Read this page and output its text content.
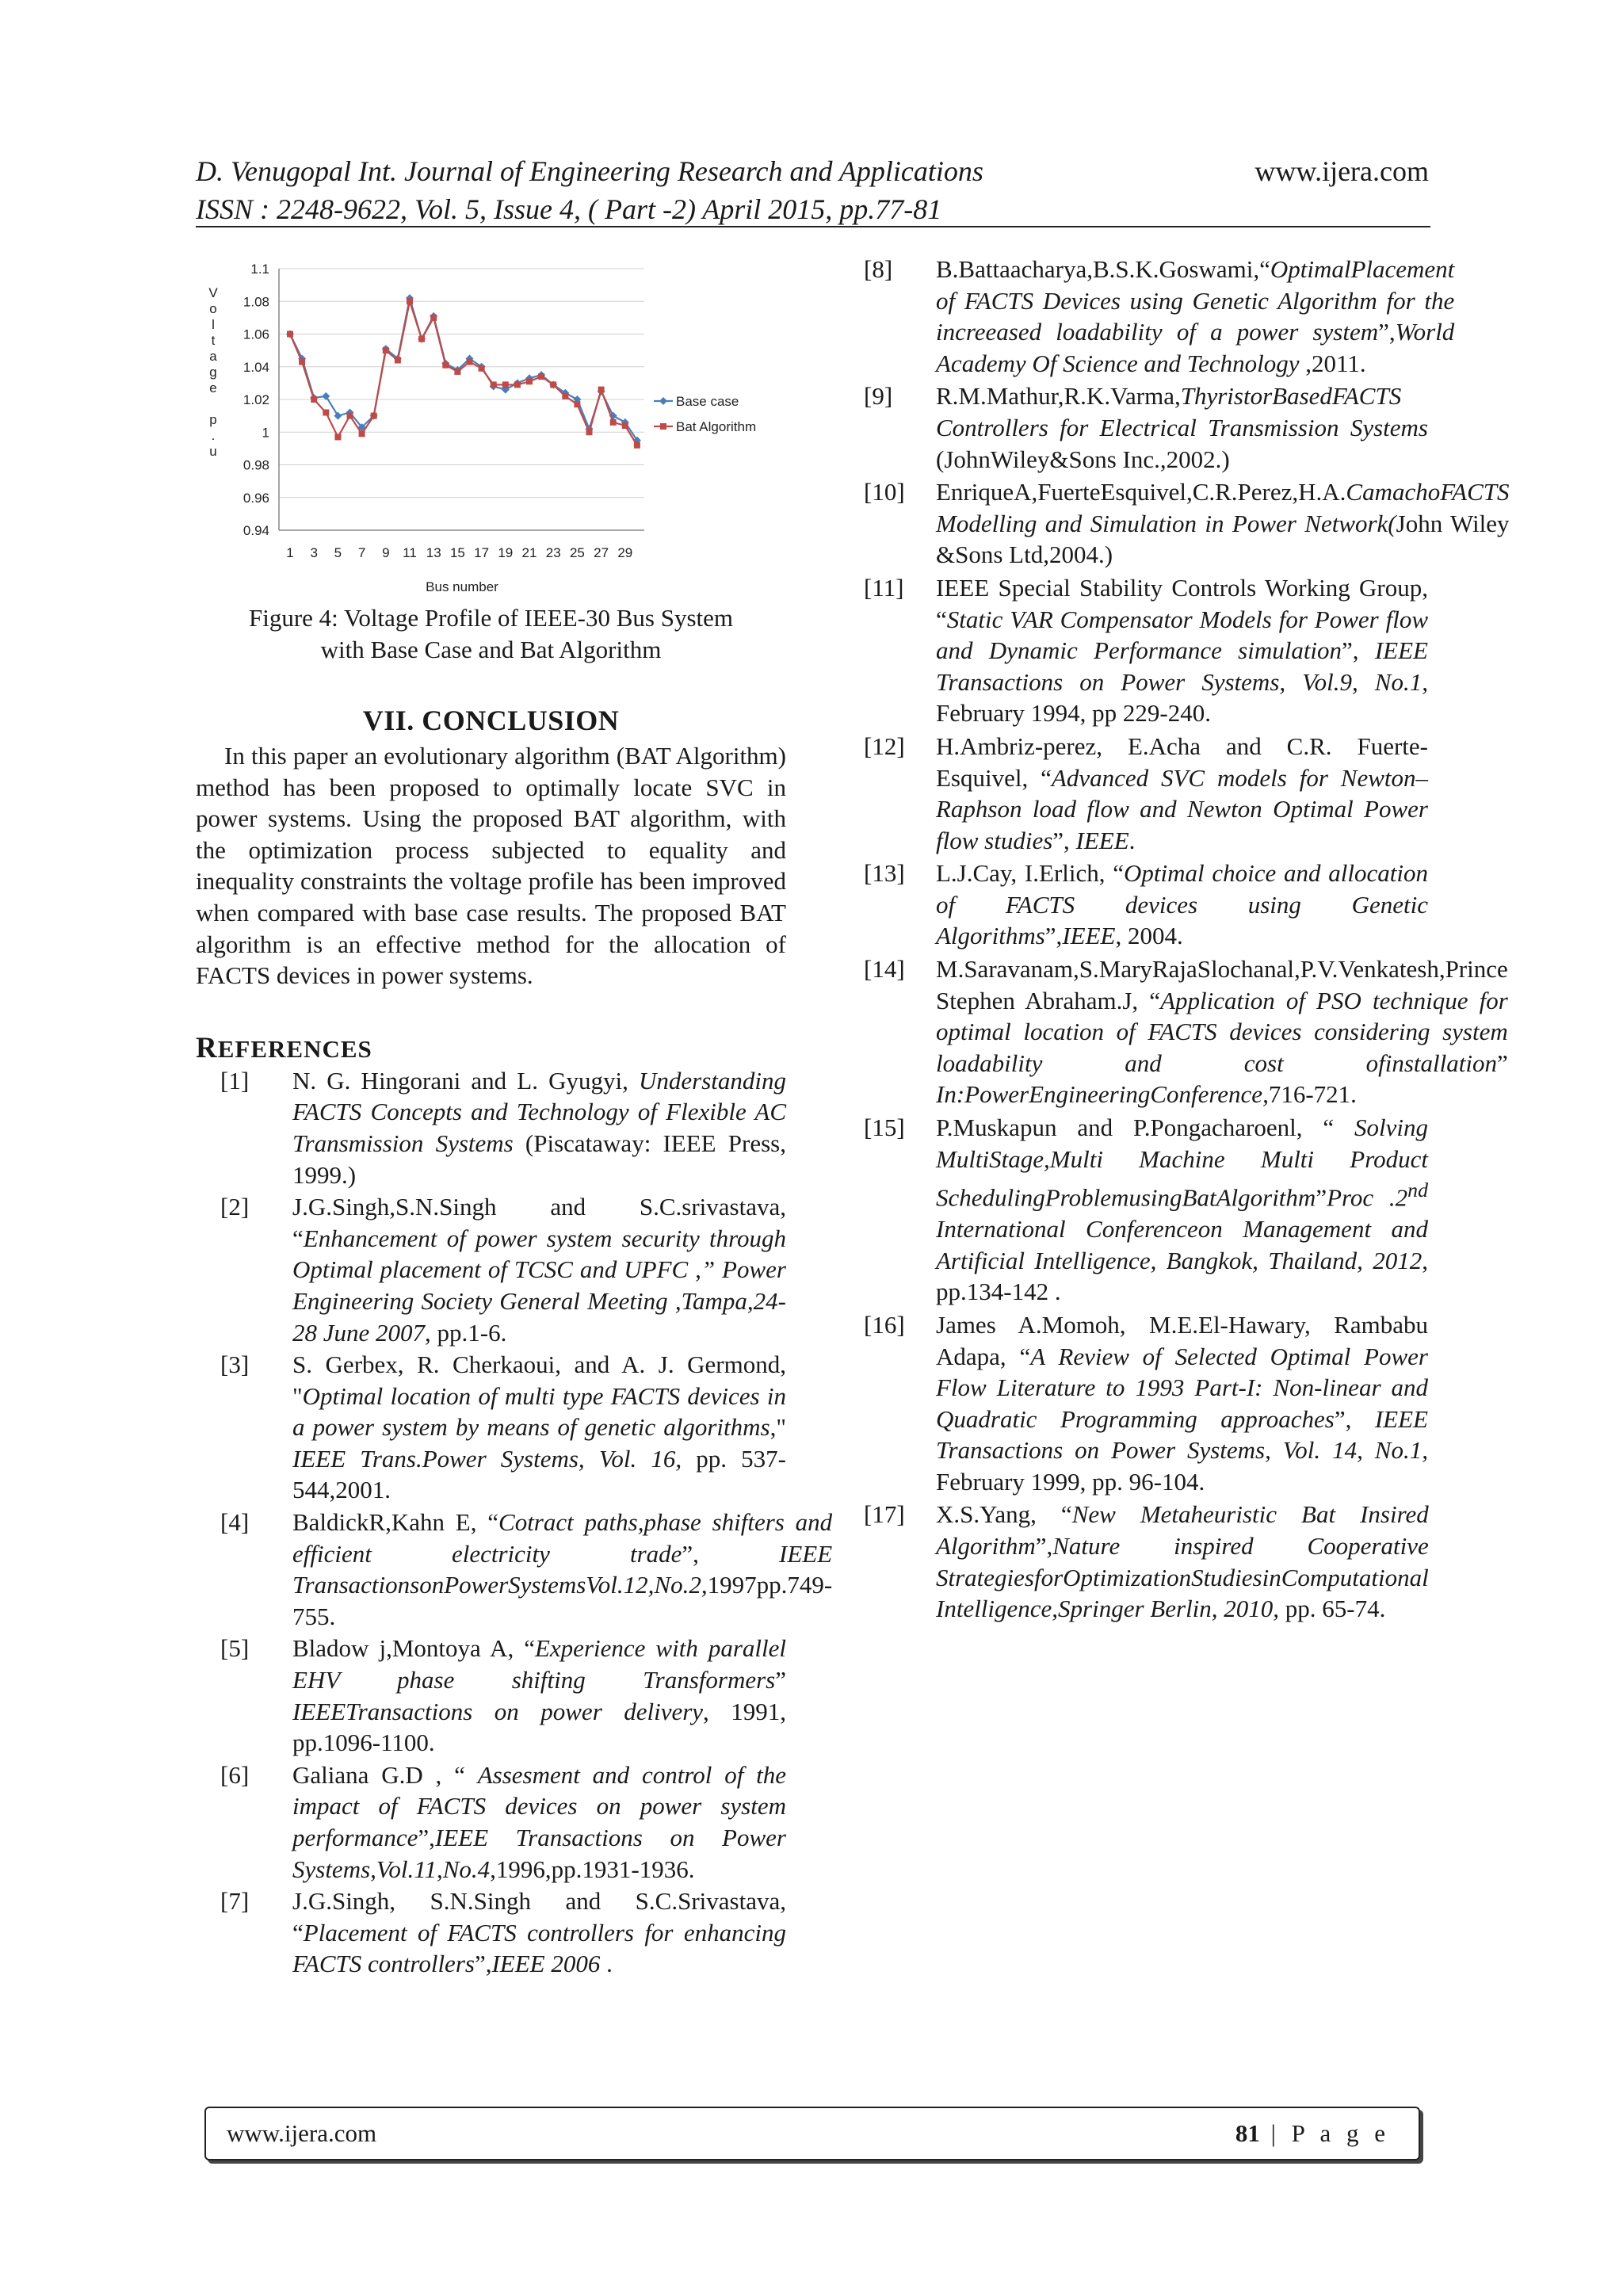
D. Venugopal Int. Journal of Engineering Research and Applications	www.ijera.com
ISSN : 2248-9622, Vol. 5, Issue 4, ( Part -2) April 2015, pp.77-81
0.94
0.96
0.98
1
1.02
1.04
1.06
1.08
1.1
1 3 5 7 9 11 13 15 17 19 21 23 25 27 29
Bus number
V
o
l
t
a
g
e
p
.
u
Base case
Bat Algorithm
Figure 4: Voltage Profile of IEEE-30 Bus System
with Base Case and Bat Algorithm
VII. CONCLUSION
In this paper an evolutionary algorithm (BAT Algorithm) method has been proposed to optimally locate SVC in power systems. Using the proposed BAT algorithm, with the optimization process subjected to equality and inequality constraints the voltage profile has been improved when compared with base case results. The proposed BAT algorithm is an effective method for the allocation of FACTS devices in power systems.
REFERENCES
[1]	N. G. Hingorani and L. Gyugyi, Understanding FACTS Concepts and Technology of Flexible AC Transmission Systems (Piscataway: IEEE Press, 1999.)
[2]	J.G.Singh,S.N.Singh and S.C.srivastava, “Enhancement of power system security through Optimal placement of TCSC and UPFC ,” Power Engineering Society General Meeting ,Tampa,24-28 June 2007, pp.1-6.
[3]	S. Gerbex, R. Cherkaoui, and A. J. Germond, "Optimal location of multi type FACTS devices in a power system by means of genetic algorithms," IEEE Trans.Power Systems, Vol. 16, pp. 537-544,2001.
[4]	BaldickR,Kahn E, “Cotract paths,phase shifters and efficient electricity trade”, IEEE TransactionsonPowerSystemsVol.12,No.2,1997pp.749-755.
[5]	Bladow j,Montoya A, “Experience with parallel EHV phase shifting Transformers” IEEETransactions on power delivery, 1991, pp.1096-1100.
[6]	Galiana G.D , “ Assesment and control of the impact of FACTS devices on power system performance”,IEEE Transactions on Power Systems,Vol.11,No.4,1996,pp.1931-1936.
[7]	J.G.Singh, S.N.Singh and S.C.Srivastava, “Placement of FACTS controllers for enhancing FACTS controllers”,IEEE 2006 .
[8]	B.Battaacharya,B.S.K.Goswami,“OptimalPlacement of FACTS Devices using Genetic Algorithm for the increeased loadability of a power system”,World Academy Of Science and Technology ,2011.
[9]	R.M.Mathur,R.K.Varma,ThyristorBasedFACTS Controllers for Electrical Transmission Systems (JohnWiley&Sons Inc.,2002.)
[10]	EnriqueA,FuerteEsquivel,C.R.Perez,H.A.CamachoFACTS Modelling and Simulation in Power Network(John Wiley &Sons Ltd,2004.)
[11]	IEEE Special Stability Controls Working Group, “Static VAR Compensator Models for Power flow and Dynamic Performance simulation”, IEEE Transactions on Power Systems, Vol.9, No.1, February 1994, pp 229-240.
[12]	H.Ambriz-perez, E.Acha and C.R. Fuerte-Esquivel, “Advanced SVC models for Newton–Raphson load flow and Newton Optimal Power flow studies”, IEEE.
[13]	L.J.Cay, I.Erlich, “Optimal choice and allocation of FACTS devices using Genetic Algorithms”,IEEE, 2004.
[14]	M.Saravanam,S.MaryRajaSlochanal,P.V.Venkatesh,Prince Stephen Abraham.J, “Application of PSO technique for optimal location of FACTS devices considering system loadability and cost ofinstallation” In:PowerEngineeringConference,716-721.
[15]	P.Muskapun and P.Pongacharoenl, “ Solving MultiStage,Multi Machine Multi Product SchedulingProblemusingBatAlgorithm”Proc .2nd International Conferenceon Management and Artificial Intelligence, Bangkok, Thailand, 2012, pp.134-142 .
[16]	James A.Momoh, M.E.El-Hawary, Rambabu Adapa, “A Review of Selected Optimal Power Flow Literature to 1993 Part-I: Non-linear and Quadratic Programming approaches”, IEEE Transactions on Power Systems, Vol. 14, No.1, February 1999, pp. 96-104.
[17]	X.S.Yang, “New Metaheuristic Bat Insired Algorithm”,Nature inspired Cooperative StrategiesforOptimizationStudiesinComputational Intelligence,Springer Berlin, 2010, pp. 65-74.
www.ijera.com	81 | P a g e
